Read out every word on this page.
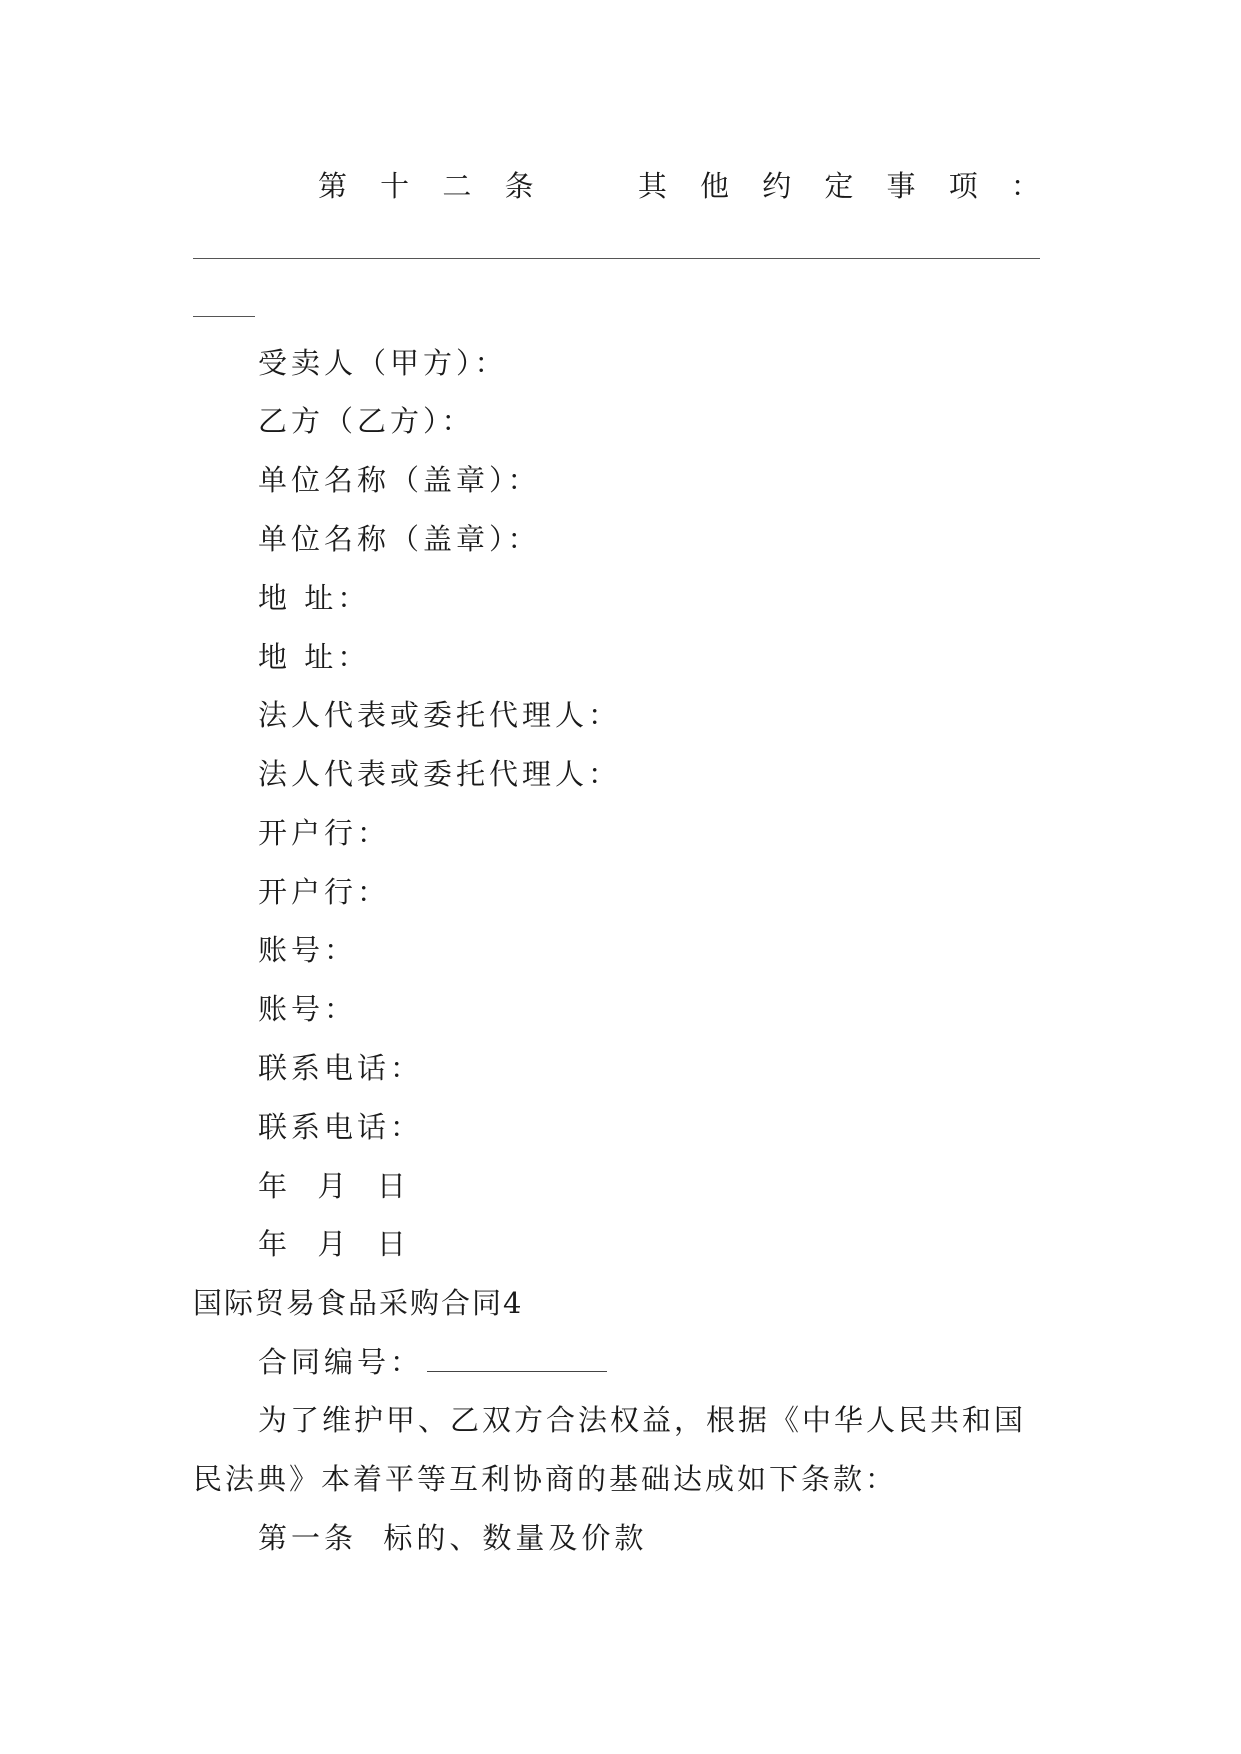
第 十 二 条	其 他 约 定 事 项 ：
受卖人（甲方）：
乙方（乙方）：
单位名称（盖章）：
单位名称（盖章）：
地 址：
地 址：
法人代表或委托代理人：
法人代表或委托代理人：
开户行：
开户行：
账号：
账号：
联系电话：
联系电话：
年  月  日
年  月  日
国际贸易食品采购合同4
合同编号：
为了维护甲、乙双方合法权益，根据《中华人民共和国
民法典》本着平等互利协商的基础达成如下条款：
第一条  标的、数量及价款
